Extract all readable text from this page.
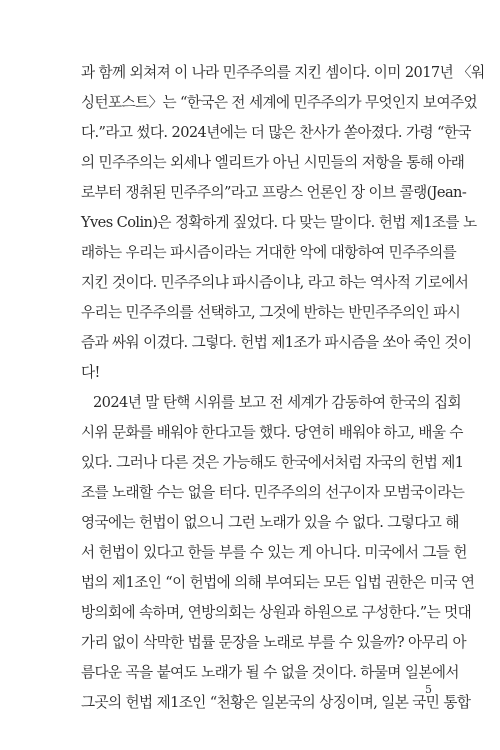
과 함께 외쳐져 이 나라 민주주의를 지킨 셈이다. 이미 2017년 〈워
싱턴포스트〉는 “한국은 전 세계에 민주주의가 무엇인지 보여주었
다.”라고 썼다. 2024년에는 더 많은 찬사가 쏟아졌다. 가령 “한국
의 민주주의는 외세나 엘리트가 아닌 시민들의 저항을 통해 아래
로부터 쟁취된 민주주의”라고 프랑스 언론인 장 이브 콜랭(Jean-
Yves Colin)은 정확하게 짚었다. 다 맞는 말이다. 헌법 제1조를 노
래하는 우리는 파시즘이라는 거대한 악에 대항하여 민주주의를
지킨 것이다. 민주주의냐 파시즘이냐, 라고 하는 역사적 기로에서
우리는 민주주의를 선택하고, 그것에 반하는 반민주주의인 파시
즘과 싸워 이겼다. 그렇다. 헌법 제1조가 파시즘을 쏘아 죽인 것이
다!
2024년 말 탄핵 시위를 보고 전 세계가 감동하여 한국의 집회
시위 문화를 배워야 한다고들 했다. 당연히 배워야 하고, 배울 수
있다. 그러나 다른 것은 가능해도 한국에서처럼 자국의 헌법 제1
조를 노래할 수는 없을 터다. 민주주의의 선구이자 모범국이라는
영국에는 헌법이 없으니 그런 노래가 있을 수 없다. 그렇다고 해
서 헌법이 있다고 한들 부를 수 있는 게 아니다. 미국에서 그들 헌
법의 제1조인 “이 헌법에 의해 부여되는 모든 입법 권한은 미국 연
방의회에 속하며, 연방의회는 상원과 하원으로 구성한다.”는 멋대
가리 없이 삭막한 법률 문장을 노래로 부를 수 있을까? 아무리 아
름다운 곡을 붙여도 노래가 될 수 없을 것이다. 하물며 일본에서
그곳의 헌법 제1조인 “천황은 일본국의 상징이며, 일본 국민 통합
5
